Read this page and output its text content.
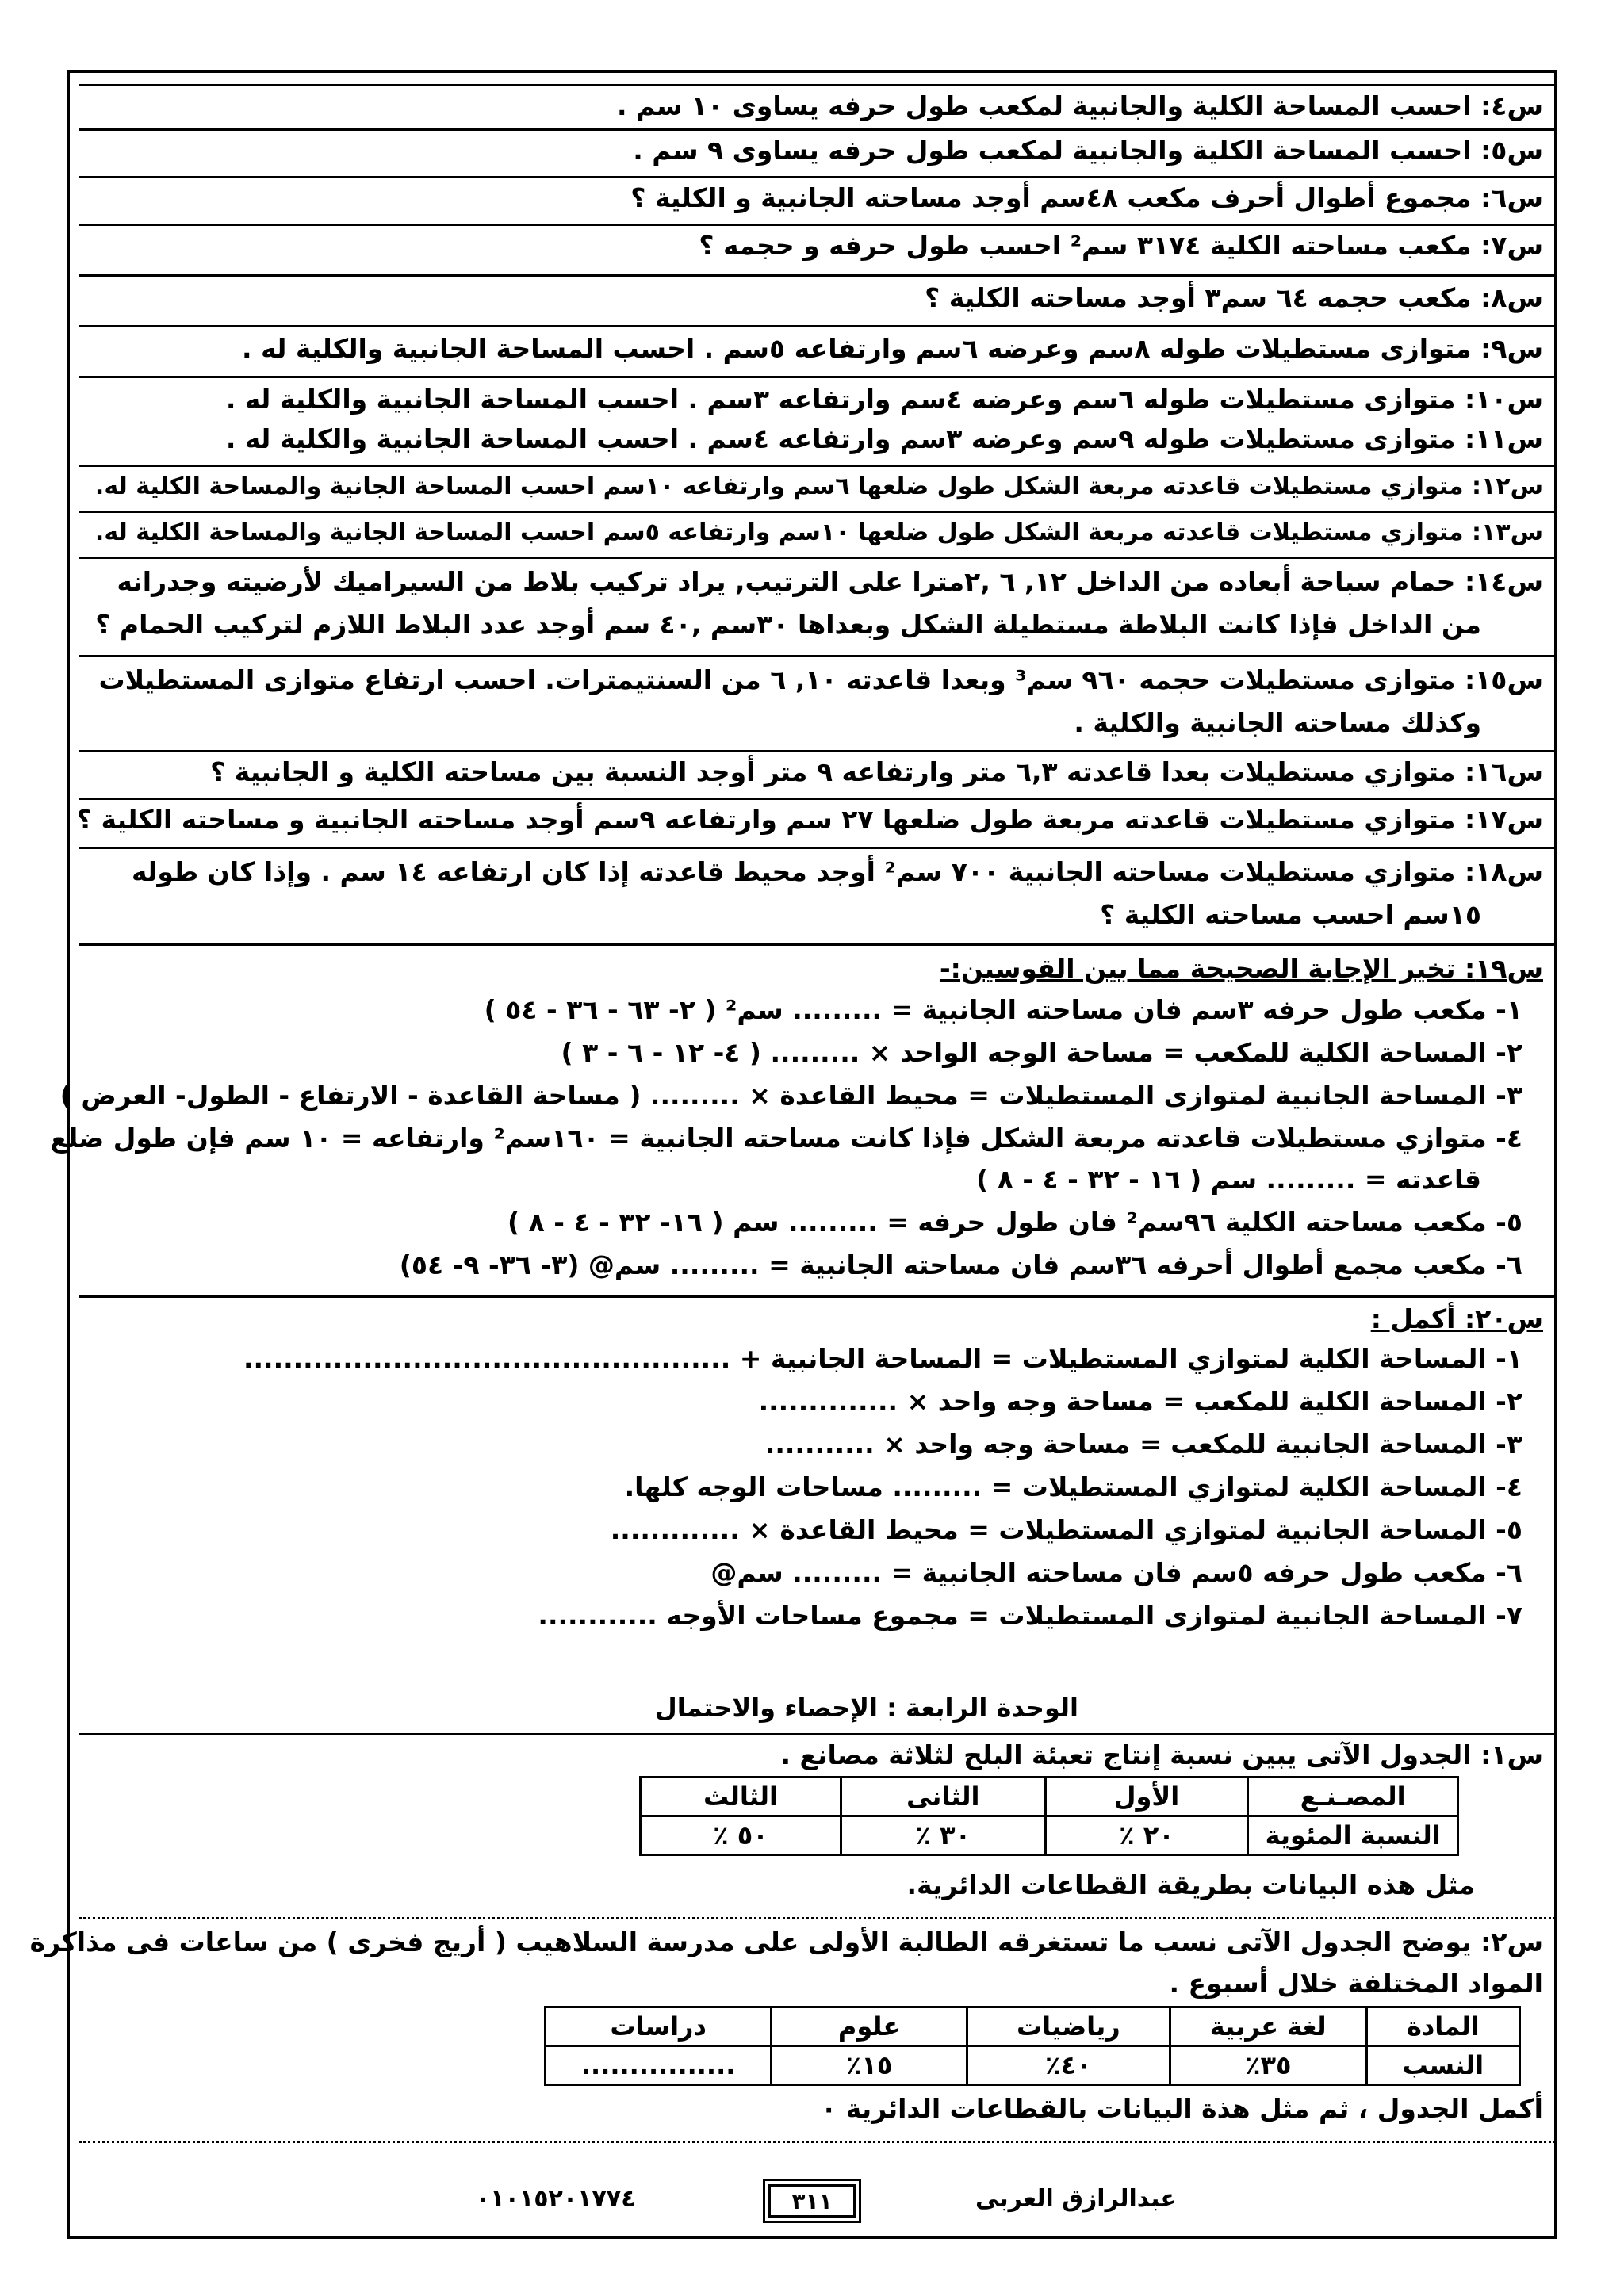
س٤: احسب المساحة الكلية والجانبية لمكعب طول حرفه يساوى ١٠ سم .
س٥: احسب المساحة الكلية والجانبية لمكعب طول حرفه يساوى ٩ سم .
س٦: مجموع أطوال أحرف مكعب ٤٨سم أوجد مساحته الجانبية و الكلية ؟
س٧: مكعب مساحته الكلية ٣١٧٤ سم² احسب طول حرفه و حجمه ؟
س٨: مكعب حجمه ٦٤ سم٣ أوجد مساحته الكلية ؟
س٩: متوازى مستطيلات طوله ٨سم وعرضه ٦سم وارتفاعه ٥سم . احسب المساحة الجانبية والكلية له .
س١٠: متوازى مستطيلات طوله ٦سم وعرضه ٤سم وارتفاعه ٣سم . احسب المساحة الجانبية والكلية له .
س١١: متوازى مستطيلات طوله ٩سم وعرضه ٣سم وارتفاعه ٤سم . احسب المساحة الجانبية والكلية له .
س١٢: متوازي مستطيلات قاعدته مربعة الشكل طول ضلعها ٦سم وارتفاعه ١٠سم احسب المساحة الجانية والمساحة الكلية له.
س١٣: متوازي مستطيلات قاعدته مربعة الشكل طول ضلعها ١٠سم وارتفاعه ٥سم احسب المساحة الجانية والمساحة الكلية له.
س١٤: حمام سباحة أبعاده من الداخل ١٢, ٦ ,٢مترا على الترتيب, يراد تركيب بلاط من السيراميك لأرضيته وجدرانه
من الداخل فإذا كانت البلاطة مستطيلة الشكل وبعداها ٣٠سم ,٤٠ سم أوجد عدد البلاط اللازم لتركيب الحمام ؟
س١٥: متوازى مستطيلات حجمه ٩٦٠ سم³ وبعدا قاعدته ١٠, ٦ من السنتيمترات. احسب ارتفاع متوازى المستطيلات
وكذلك مساحته الجانبية والكلية .
س١٦: متوازي مستطيلات بعدا قاعدته ٦,٣ متر وارتفاعه ٩ متر أوجد النسبة بين مساحته الكلية و الجانبية ؟
س١٧: متوازي مستطيلات قاعدته مربعة طول ضلعها ٢٧ سم وارتفاعه ٩سم أوجد مساحته الجانبية و مساحته الكلية ؟
س١٨: متوازي مستطيلات مساحته الجانبية ٧٠٠ سم² أوجد محيط قاعدته إذا كان ارتفاعه ١٤ سم . وإذا كان طوله
١٥سم احسب مساحته الكلية ؟
س١٩: تخير الإجابة الصحيحة مما بين القوسين:-
١- مكعب طول حرفه ٣سم فان مساحته الجانبية = ......... سم² ( ٢- ٦٣ - ٣٦ - ٥٤ )
٢- المساحة الكلية للمكعب = مساحة الوجه الواحد × ......... ( ٤- ١٢ - ٦ - ٣ )
٣- المساحة الجانبية لمتوازى المستطيلات = محيط القاعدة × ......... ( مساحة القاعدة - الارتفاع - الطول- العرض )
٤- متوازي مستطيلات قاعدته مربعة الشكل فإذا كانت مساحته الجانبية = ١٦٠سم² وارتفاعه = ١٠ سم فإن طول ضلع
قاعدته = ......... سم ( ١٦ - ٣٢ - ٤ - ٨ )
٥- مكعب مساحته الكلية ٩٦سم² فان طول حرفه = ......... سم ( ١٦- ٣٢ - ٤ - ٨ )
٦- مكعب مجمع أطوال أحرفه ٣٦سم فان مساحته الجانبية = ......... سم@ (٣- ٣٦- ٩- ٥٤)
س٢٠: أكمل :
١- المساحة الكلية لمتوازي المستطيلات = المساحة الجانبية + .................................................
٢- المساحة الكلية للمكعب = مساحة وجه واحد × ..............
٣- المساحة الجانبية للمكعب = مساحة وجه واحد × ...........
٤- المساحة الكلية لمتوازي المستطيلات = ......... مساحات الوجه كلها.
٥- المساحة الجانبية لمتوازي المستطيلات = محيط القاعدة × .............
٦- مكعب طول حرفه ٥سم فان مساحته الجانبية = ......... سم@
٧- المساحة الجانبية لمتوازى المستطيلات = مجموع مساحات الأوجه ............
الوحدة الرابعة : الإحصاء والاحتمال
س١: الجدول الآتى يبين نسبة إنتاج تعبئة البلح لثلاثة مصانع .
المصـنـع	الأول	الثانى	الثالث
النسبة المئوية	٢٠ ٪	٣٠ ٪	٥٠ ٪
مثل هذه البيانات بطريقة القطاعات الدائرية.
س٢: يوضح الجدول الآتى نسب ما تستغرقه الطالبة الأولى على مدرسة السلاهيب ( أريج فخرى ) من ساعات فى مذاكرة
المواد المختلفة خلال أسبوع .
المادة	لغة عربية	رياضيات	علوم	دراسات
النسب	٣٥٪	٤٠٪	١٥٪	................
أكمل الجدول ، ثم مثل هذة البيانات بالقطاعات الدائرية ۰
عبدالرازق العربى
٣١١
٠١٠١٥٢٠١٧٧٤
